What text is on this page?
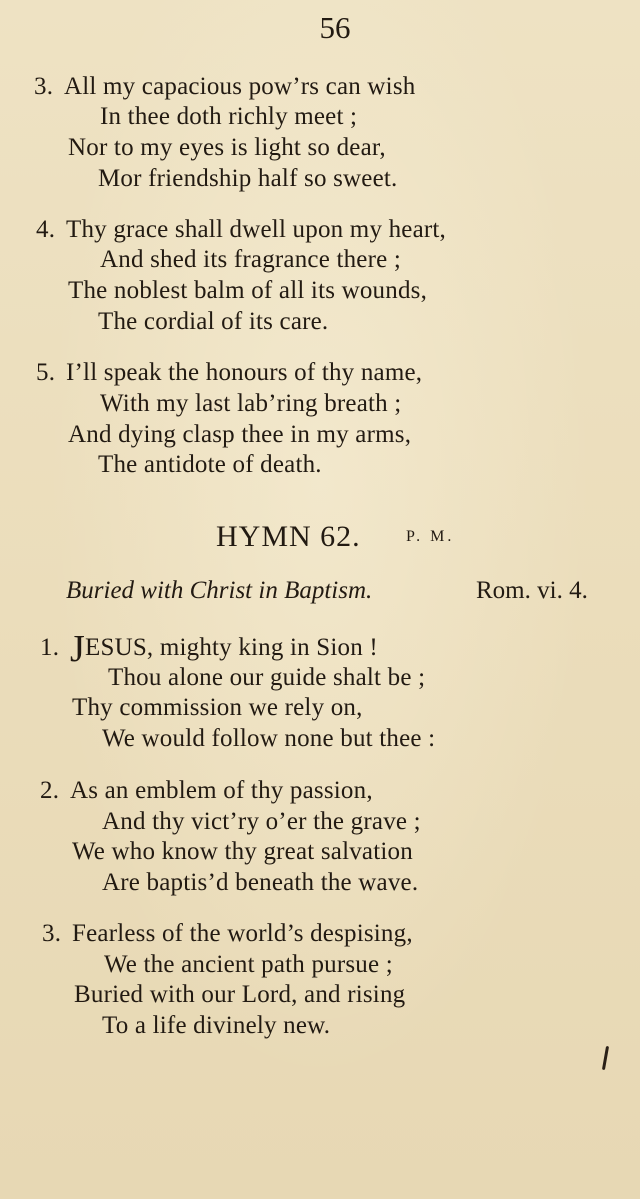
56
3. All my capacious pow’rs can wish
In thee doth richly meet ;
Nor to my eyes is light so dear,
Mor friendship half so sweet.
4. Thy grace shall dwell upon my heart,
And shed its fragrance there ;
The noblest balm of all its wounds,
The cordial of its care.
5. I’ll speak the honours of thy name,
With my last lab’ring breath ;
And dying clasp thee in my arms,
The antidote of death.
HYMN 62.	P. M.
Buried with Christ in Baptism.	Rom. vi. 4.
1. JESUS, mighty king in Sion !
Thou alone our guide shalt be ;
Thy commission we rely on,
We would follow none but thee :
2. As an emblem of thy passion,
And thy vict’ry o’er the grave ;
We who know thy great salvation
Are baptis’d beneath the wave.
3. Fearless of the world’s despising,
We the ancient path pursue ;
Buried with our Lord, and rising
To a life divinely new.
